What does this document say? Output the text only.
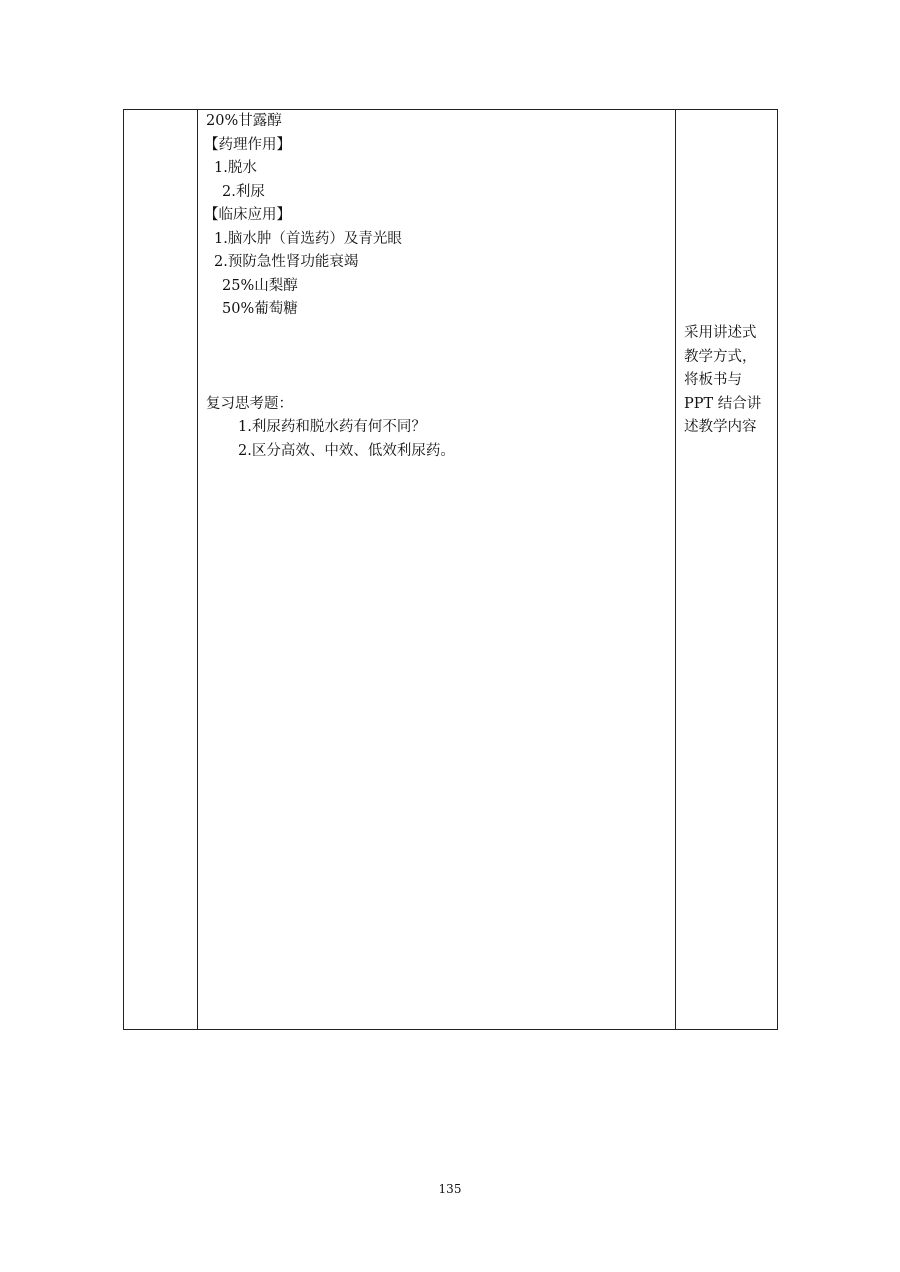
20%甘露醇
【药理作用】
1.脱水
2.利尿
【临床应用】
1.脑水肿（首选药）及青光眼
2.预防急性肾功能衰竭
25%山梨醇
50%葡萄糖
复习思考题：
1.利尿药和脱水药有何不同？
2.区分高效、中效、低效利尿药。
采用讲述式
教学方式，
将板书与
PPT 结合讲
述教学内容
135
